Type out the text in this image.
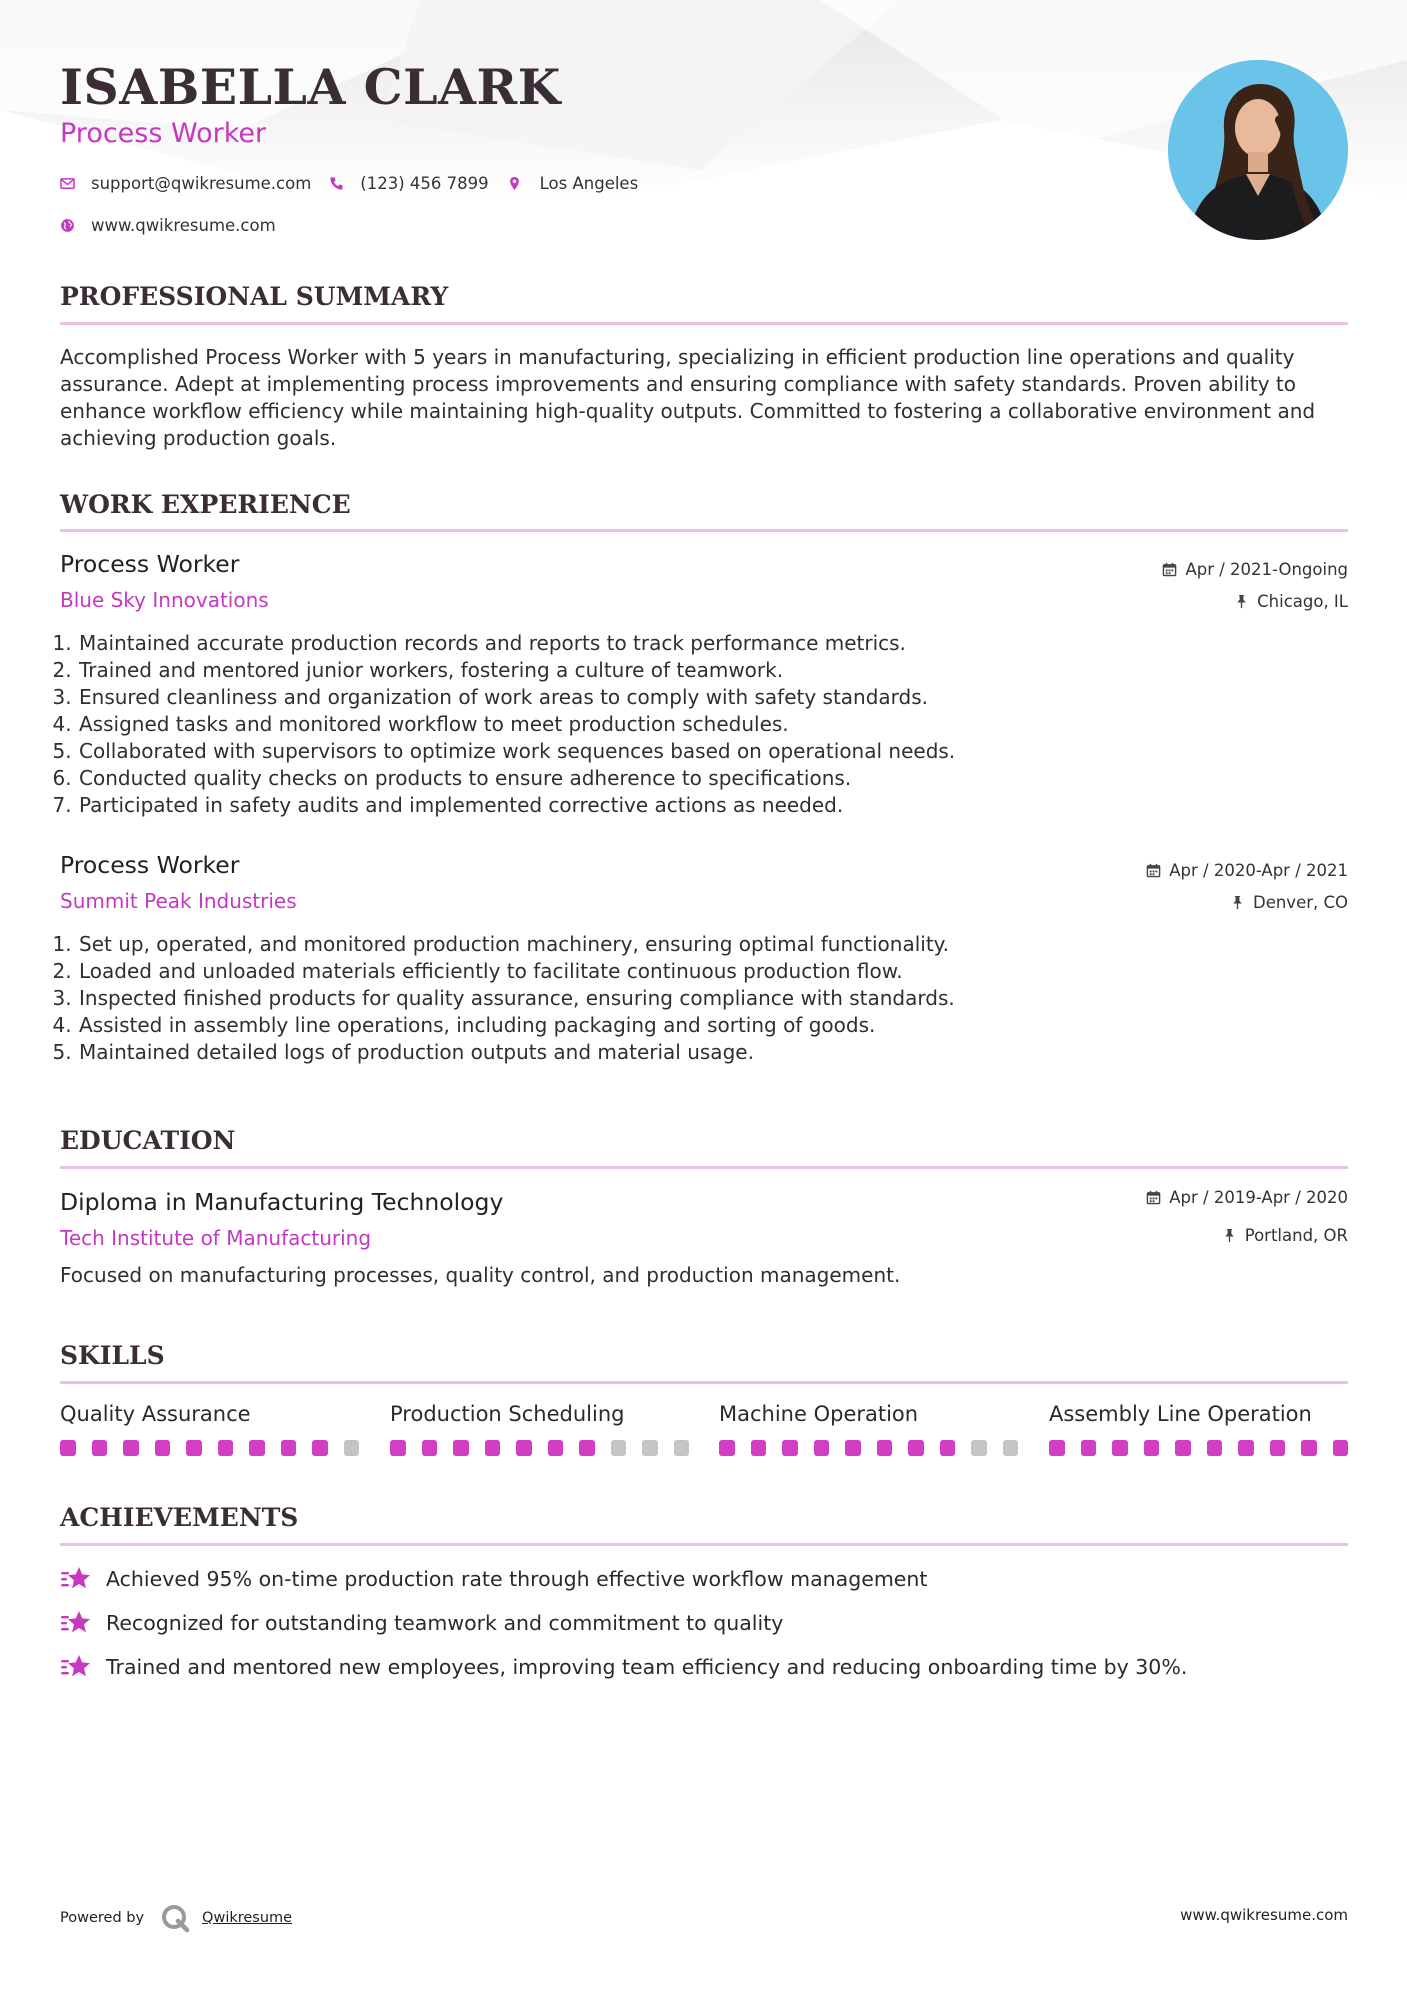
ISABELLA CLARK
Process Worker
support@qwikresume.com	(123) 456 7899	Los Angeles
www.qwikresume.com
PROFESSIONAL SUMMARY

Accomplished Process Worker with 5 years in manufacturing, specializing in efficient production line operations and quality assurance. Adept at implementing process improvements and ensuring compliance with safety standards. Proven ability to enhance workflow efficiency while maintaining high-quality outputs. Committed to fostering a collaborative environment and achieving production goals.

WORK EXPERIENCE
Process Worker
Blue Sky Innovations
Apr / 2021-Ongoing
Chicago, IL
1. Maintained accurate production records and reports to track performance metrics.
2. Trained and mentored junior workers, fostering a culture of teamwork.
3. Ensured cleanliness and organization of work areas to comply with safety standards.
4. Assigned tasks and monitored workflow to meet production schedules.
5. Collaborated with supervisors to optimize work sequences based on operational needs.
6. Conducted quality checks on products to ensure adherence to specifications.
7. Participated in safety audits and implemented corrective actions as needed.
Process Worker
Summit Peak Industries
Apr / 2020-Apr / 2021
Denver, CO
1. Set up, operated, and monitored production machinery, ensuring optimal functionality.
2. Loaded and unloaded materials efficiently to facilitate continuous production flow.
3. Inspected finished products for quality assurance, ensuring compliance with standards.
4. Assisted in assembly line operations, including packaging and sorting of goods.
5. Maintained detailed logs of production outputs and material usage.
EDUCATION
Diploma in Manufacturing Technology
Tech Institute of Manufacturing
Apr / 2019-Apr / 2020
Portland, OR

Focused on manufacturing processes, quality control, and production management.

SKILLS
Quality Assurance	Production Scheduling	Machine Operation	Assembly Line Operation
ACHIEVEMENTS
Achieved 95% on-time production rate through effective workflow management
Recognized for outstanding teamwork and commitment to quality
Trained and mentored new employees, improving team efficiency and reducing onboarding time by 30%.
Powered by	Qwikresume	www.qwikresume.com
